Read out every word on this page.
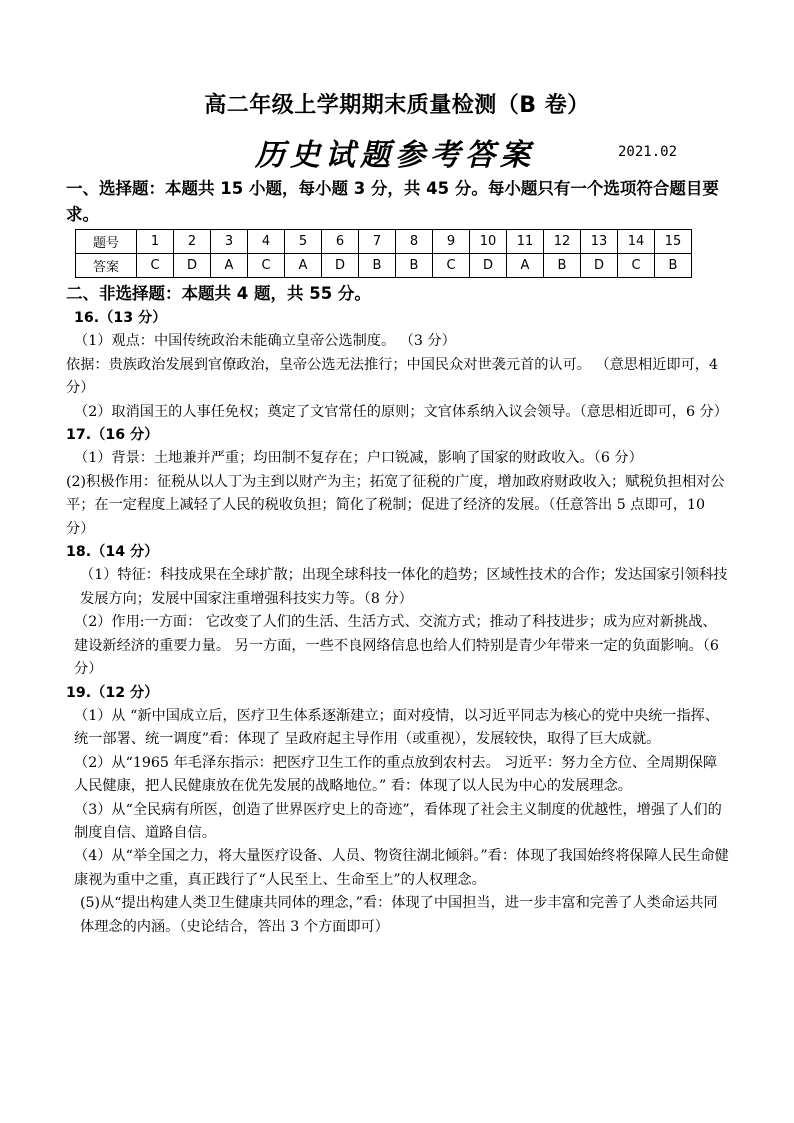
高二年级上学期期末质量检测（B 卷）
历史试题参考答案	2021.02
一、选择题：本题共 15 小题，每小题 3 分，共 45 分。每小题只有一个选项符合题目要求。
题号	1	2	3	4	5	6	7	8	9	10	11	12	13	14	15
答案	C	D	A	C	A	D	B	B	C	D	A	B	D	C	B
二、非选择题：本题共 4 题，共 55 分。

16.（13 分）

（1）观点：中国传统政治未能确立皇帝公选制度。 （3 分）

依据：贵族政治发展到官僚政治，皇帝公选无法推行；中国民众对世袭元首的认可。 （意思相近即可，4 分）

（2）取消国王的人事任免权；奠定了文官常任的原则；文官体系纳入议会领导。（意思相近即可，6 分）

17.（16 分）

（1）背景：土地兼并严重；均田制不复存在；户口锐减，影响了国家的财政收入。（6 分）

(2)积极作用：征税从以人丁为主到以财产为主；拓宽了征税的广度，增加政府财政收入；赋税负担相对公平；在一定程度上减轻了人民的税收负担；简化了税制；促进了经济的发展。（任意答出 5 点即可，10 分）

18.（14 分）

（1）特征：科技成果在全球扩散；出现全球科技一体化的趋势；区域性技术的合作；发达国家引领科技发展方向；发展中国家注重增强科技实力等。（8 分）

（2）作用:一方面： 它改变了人们的生活、生活方式、交流方式；推动了科技进步；成为应对新挑战、建设新经济的重要力量。 另一方面，一些不良网络信息也给人们特别是青少年带来一定的负面影响。（6 分）

19.（12 分）

（1）从 “新中国成立后，医疗卫生体系逐渐建立；面对疫情，以习近平同志为核心的党中央统一指挥、统一部署、统一调度”看：体现了 呈政府起主导作用（或重视），发展较快，取得了巨大成就。

（2）从“1965 年毛泽东指示：把医疗卫生工作的重点放到农村去。 习近平：努力全方位、全周期保障人民健康，把人民健康放在优先发展的战略地位。” 看：体现了以人民为中心的发展理念。

（3）从“全民病有所医，创造了世界医疗史上的奇迹”，看体现了社会主义制度的优越性，增强了人们的制度自信、道路自信。

（4）从“举全国之力，将大量医疗设备、人员、物资往湖北倾斜。”看：体现了我国始终将保障人民生命健康视为重中之重，真正践行了“人民至上、生命至上”的人权理念。

(5)从“提出构建人类卫生健康共同体的理念，”看：体现了中国担当，进一步丰富和完善了人类命运共同体理念的内涵。（史论结合，答出 3 个方面即可）
